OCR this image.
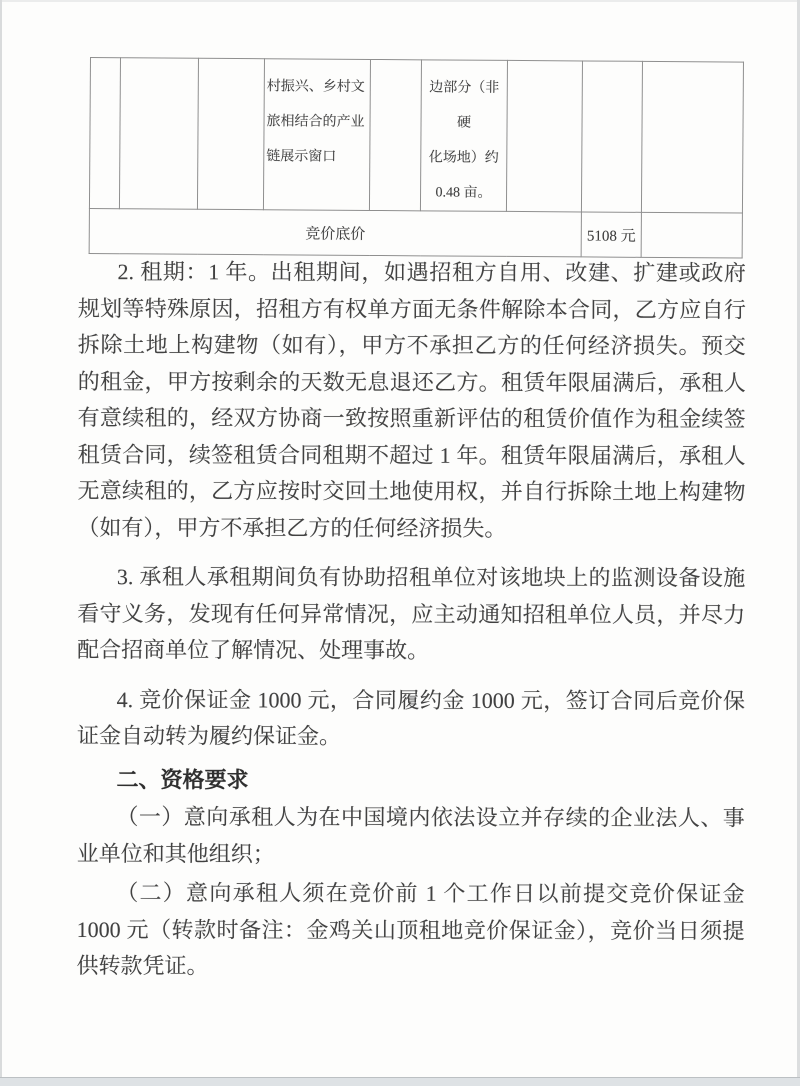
			村振兴、乡村文
旅相结合的产业
链展示窗口		边部分（非硬
化场地）约
0.48 亩。			
竞价底价							5108 元	

2. 租期：1 年。出租期间，如遇招租方自用、改建、扩建或政府规划等特殊原因，招租方有权单方面无条件解除本合同，乙方应自行拆除土地上构建物（如有），甲方不承担乙方的任何经济损失。预交的租金，甲方按剩余的天数无息退还乙方。租赁年限届满后，承租人有意续租的，经双方协商一致按照重新评估的租赁价值作为租金续签租赁合同，续签租赁合同租期不超过 1 年。租赁年限届满后，承租人无意续租的，乙方应按时交回土地使用权，并自行拆除土地上构建物（如有），甲方不承担乙方的任何经济损失。

3. 承租人承租期间负有协助招租单位对该地块上的监测设备设施看守义务，发现有任何异常情况，应主动通知招租单位人员，并尽力配合招商单位了解情况、处理事故。

4. 竞价保证金 1000 元，合同履约金 1000 元，签订合同后竞价保证金自动转为履约保证金。

二、资格要求

（一）意向承租人为在中国境内依法设立并存续的企业法人、事业单位和其他组织；

（二）意向承租人须在竞价前 1 个工作日以前提交竞价保证金 1000 元（转款时备注：金鸡关山顶租地竞价保证金），竞价当日须提供转款凭证。
